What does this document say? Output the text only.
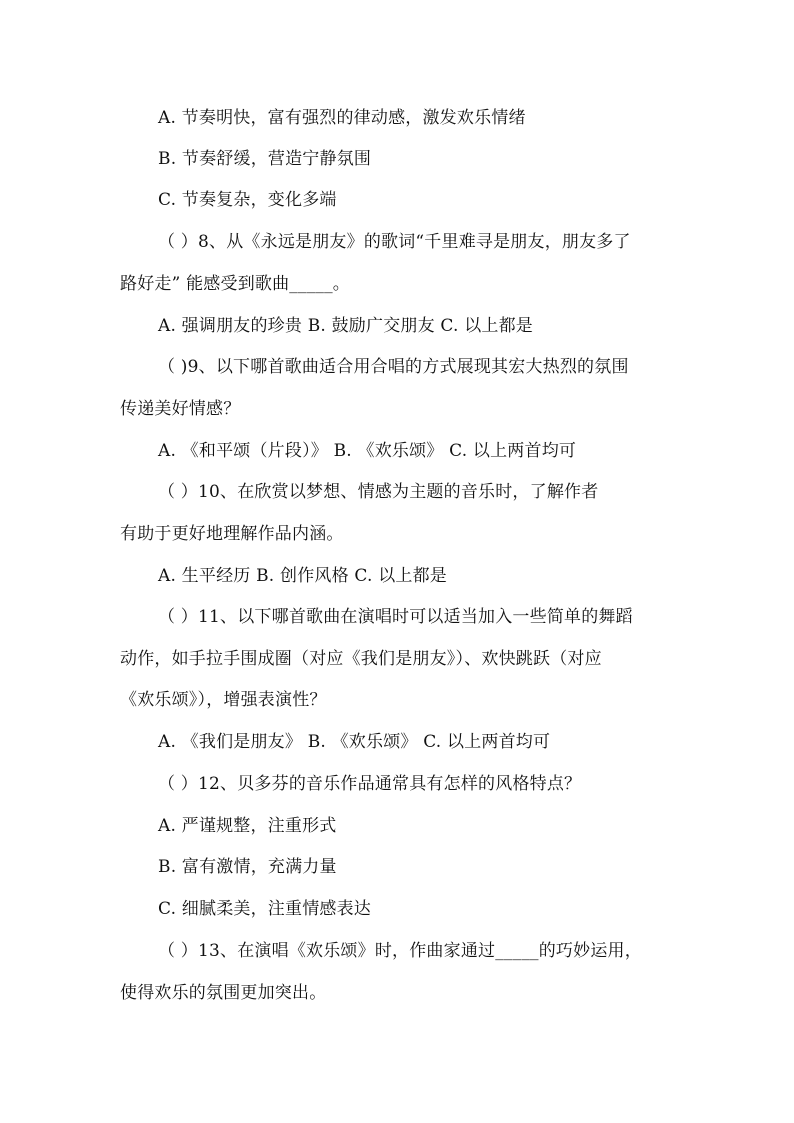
A. 节奏明快，富有强烈的律动感，激发欢乐情绪
B. 节奏舒缓，营造宁静氛围
C. 节奏复杂，变化多端
（ ）8、从《永远是朋友》的歌词“千里难寻是朋友，朋友多了
路好走” 能感受到歌曲_____。
A. 强调朋友的珍贵 B. 鼓励广交朋友 C. 以上都是
（ )9、以下哪首歌曲适合用合唱的方式展现其宏大热烈的氛围
传递美好情感？
A. 《和平颂（片段）》 B. 《欢乐颂》 C. 以上两首均可
（ ）10、在欣赏以梦想、情感为主题的音乐时，了解作者
有助于更好地理解作品内涵。
A. 生平经历 B. 创作风格 C. 以上都是
（ ）11、以下哪首歌曲在演唱时可以适当加入一些简单的舞蹈
动作，如手拉手围成圈（对应《我们是朋友》）、欢快跳跃（对应
《欢乐颂》），增强表演性？
A. 《我们是朋友》 B. 《欢乐颂》 C. 以上两首均可
（ ）12、贝多芬的音乐作品通常具有怎样的风格特点？
A. 严谨规整，注重形式
B. 富有激情，充满力量
C. 细腻柔美，注重情感表达
（ ）13、在演唱《欢乐颂》时，作曲家通过_____的巧妙运用，
使得欢乐的氛围更加突出。
